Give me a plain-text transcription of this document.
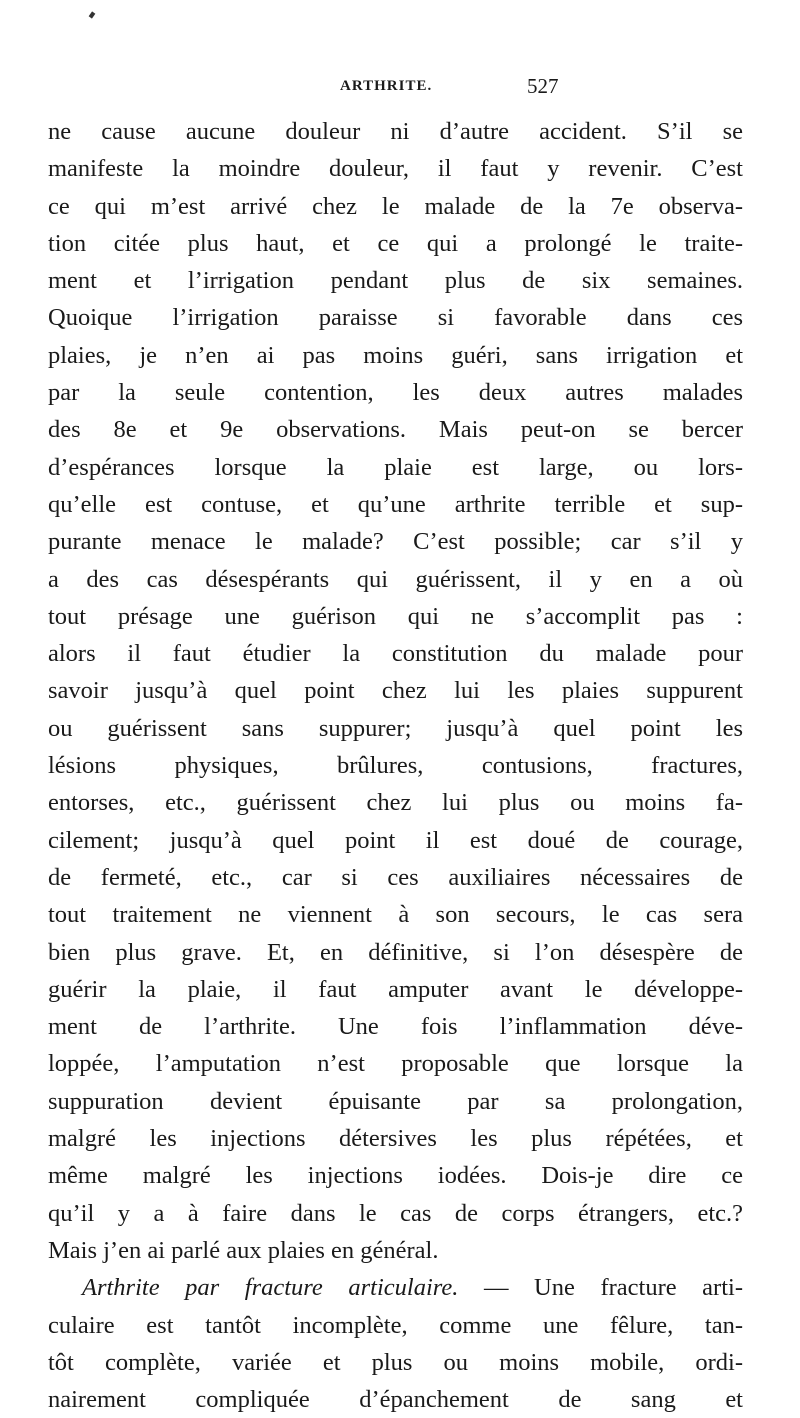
ARTHRITE.	527
ne cause aucune douleur ni d’autre accident. S’il se
manifeste la moindre douleur, il faut y revenir. C’est
ce qui m’est arrivé chez le malade de la 7e observa-
tion citée plus haut, et ce qui a prolongé le traite-
ment et l’irrigation pendant plus de six semaines.
Quoique l’irrigation paraisse si favorable dans ces
plaies, je n’en ai pas moins guéri, sans irrigation et
par la seule contention, les deux autres malades
des 8e et 9e observations. Mais peut-on se bercer
d’espérances lorsque la plaie est large, ou lors-
qu’elle est contuse, et qu’une arthrite terrible et sup-
purante menace le malade? C’est possible; car s’il y
a des cas désespérants qui guérissent, il y en a où
tout présage une guérison qui ne s’accomplit pas :
alors il faut étudier la constitution du malade pour
savoir jusqu’à quel point chez lui les plaies suppurent
ou guérissent sans suppurer; jusqu’à quel point les
lésions physiques, brûlures, contusions, fractures,
entorses, etc., guérissent chez lui plus ou moins fa-
cilement; jusqu’à quel point il est doué de courage,
de fermeté, etc., car si ces auxiliaires nécessaires de
tout traitement ne viennent à son secours, le cas sera
bien plus grave. Et, en définitive, si l’on désespère de
guérir la plaie, il faut amputer avant le développe-
ment de l’arthrite. Une fois l’inflammation déve-
loppée, l’amputation n’est proposable que lorsque la
suppuration devient épuisante par sa prolongation,
malgré les injections détersives les plus répétées, et
même malgré les injections iodées. Dois-je dire ce
qu’il y a à faire dans le cas de corps étrangers, etc.?
Mais j’en ai parlé aux plaies en général.
Arthrite par fracture articulaire. — Une fracture arti-
culaire est tantôt incomplète, comme une fêlure, tan-
tôt complète, variée et plus ou moins mobile, ordi-
nairement compliquée d’épanchement de sang et
